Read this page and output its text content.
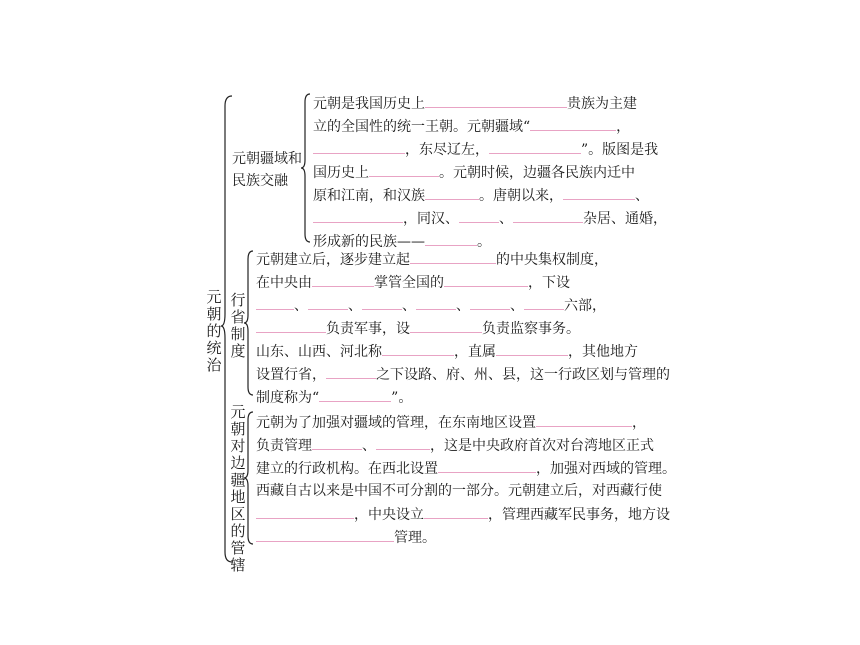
元朝的统治
元朝疆域和民族交融
元朝是我国历史上	贵族为主建
立的全国性的统一王朝。元朝疆域“	，
，东尽辽左，	”。版图是我
国历史上	。元朝时候，边疆各民族内迁中
原和江南，和汉族	。唐朝以来，	、
，同汉、	、	杂居、通婚，
形成新的民族——	。
行省制度
元朝建立后，逐步建立起	的中央集权制度，
在中央由	掌管全国的	，下设
、	、	、	、	、	六部，
负责军事，设	负责监察事务。
山东、山西、河北称	，直属	，其他地方
设置行省，	之下设路、府、州、县，这一行政区划与管理的
制度称为“	”。
元朝对边疆地区的管辖
元朝为了加强对疆域的管理，在东南地区设置	，
负责管理	、	，这是中央政府首次对台湾地区正式
建立的行政机构。在西北设置	，加强对西域的管理。
西藏自古以来是中国不可分割的一部分。元朝建立后，对西藏行使
，中央设立	，管理西藏军民事务，地方设
管理。
